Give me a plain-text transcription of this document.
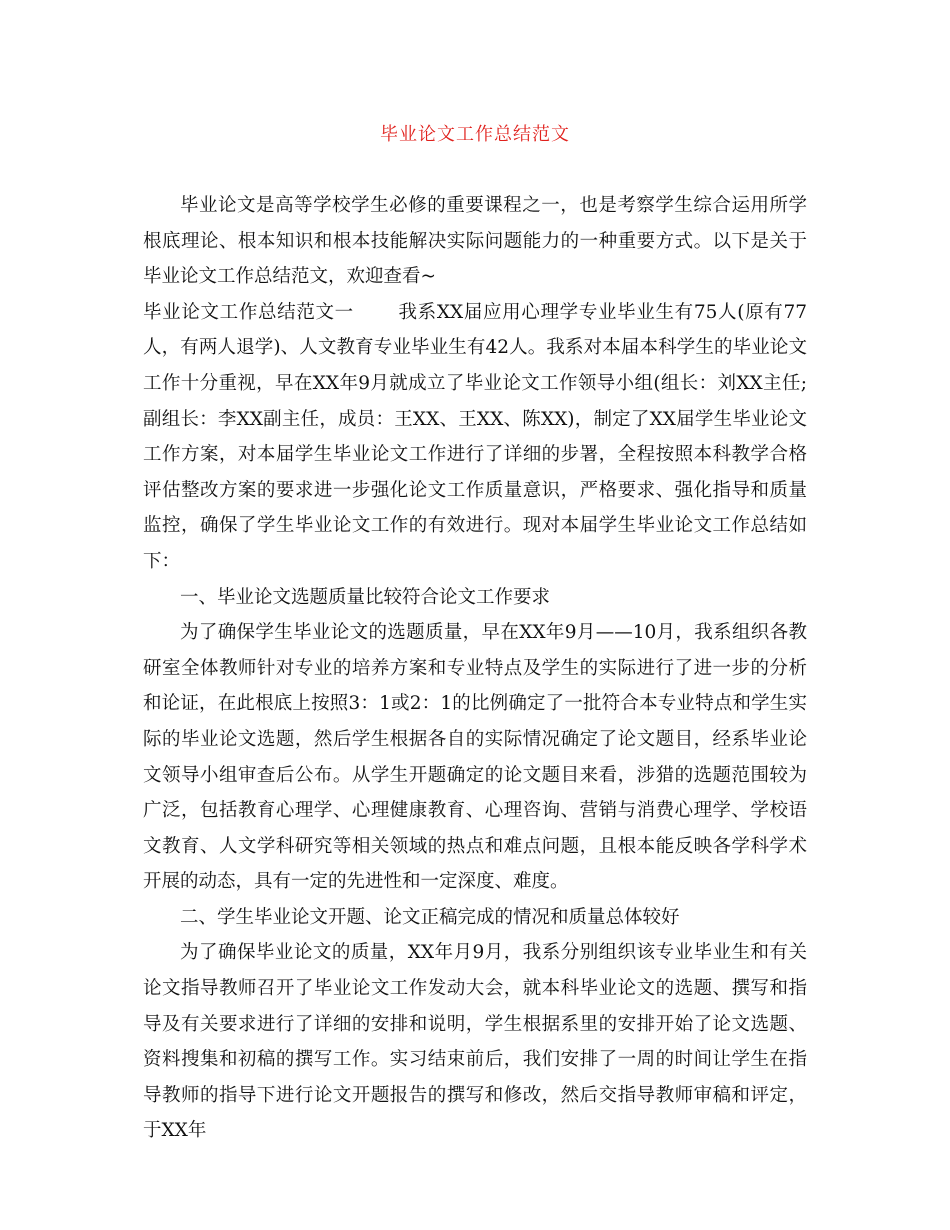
毕业论文工作总结范文

毕业论文是高等学校学生必修的重要课程之一，也是考察学生综合运用所学根底理论、根本知识和根本技能解决实际问题能力的一种重要方式。以下是关于毕业论文工作总结范文，欢迎查看~

毕业论文工作总结范文一 我系XX届应用心理学专业毕业生有75人(原有77人，有两人退学)、人文教育专业毕业生有42人。我系对本届本科学生的毕业论文工作十分重视，早在XX年9月就成立了毕业论文工作领导小组(组长：刘XX主任;副组长：李XX副主任，成员：王XX、王XX、陈XX)，制定了XX届学生毕业论文工作方案，对本届学生毕业论文工作进行了详细的步署，全程按照本科教学合格评估整改方案的要求进一步强化论文工作质量意识，严格要求、强化指导和质量监控，确保了学生毕业论文工作的有效进行。现对本届学生毕业论文工作总结如下：

一、毕业论文选题质量比较符合论文工作要求

为了确保学生毕业论文的选题质量，早在XX年9月——10月，我系组织各教研室全体教师针对专业的培养方案和专业特点及学生的实际进行了进一步的分析和论证，在此根底上按照3：1或2：1的比例确定了一批符合本专业特点和学生实际的毕业论文选题，然后学生根据各自的实际情况确定了论文题目，经系毕业论文领导小组审查后公布。从学生开题确定的论文题目来看，涉猎的选题范围较为广泛，包括教育心理学、心理健康教育、心理咨询、营销与消费心理学、学校语文教育、人文学科研究等相关领域的热点和难点问题，且根本能反映各学科学术开展的动态，具有一定的先进性和一定深度、难度。

二、学生毕业论文开题、论文正稿完成的情况和质量总体较好

为了确保毕业论文的质量，XX年月9月，我系分别组织该专业毕业生和有关论文指导教师召开了毕业论文工作发动大会，就本科毕业论文的选题、撰写和指导及有关要求进行了详细的安排和说明，学生根据系里的安排开始了论文选题、资料搜集和初稿的撰写工作。实习结束前后，我们安排了一周的时间让学生在指导教师的指导下进行论文开题报告的撰写和修改，然后交指导教师审稿和评定，于XX年
